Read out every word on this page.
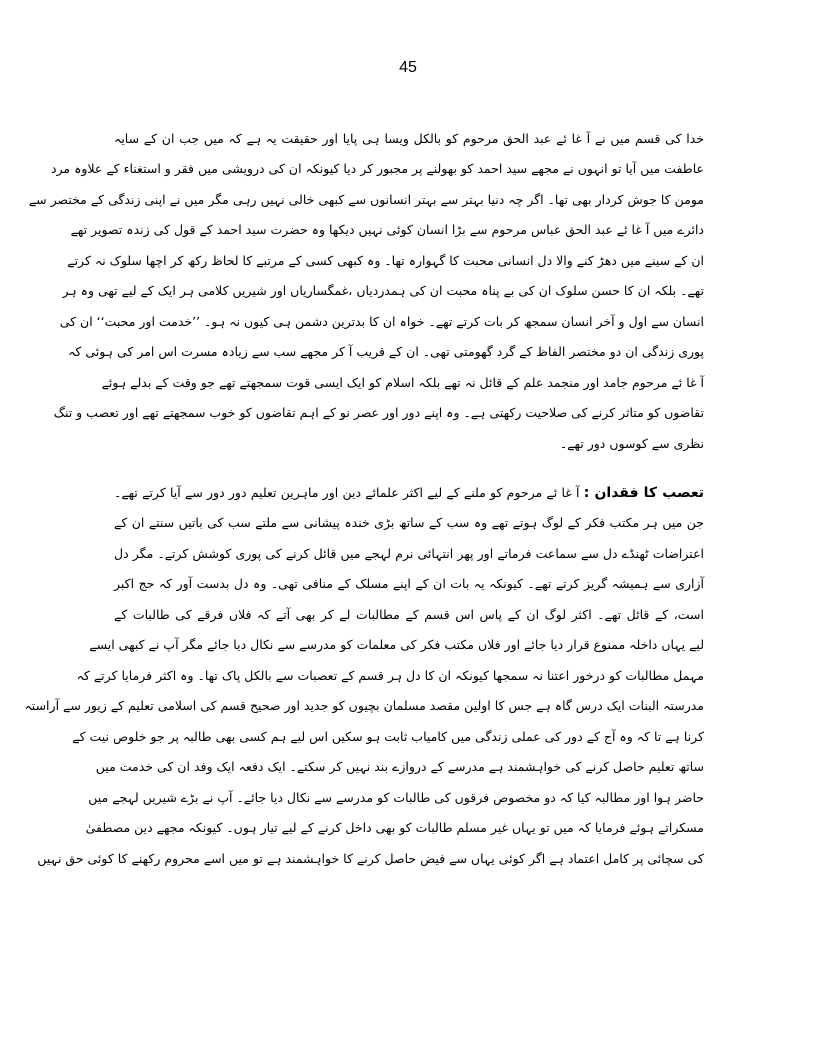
45
خدا کی قسم میں نے آ غا ئے عبد الحق مرحوم کو بالکل ویسا ہی پایا اور حقیقت یہ ہے کہ میں جب ان کے سایہ
عاطفت میں آیا تو انہوں نے مجھے سید احمد کو بھولنے پر مجبور کر دیا کیونکہ ان کی درویشی میں فقر و استغناء کے علاوہ مرد
مومن کا جوش کردار بھی تھا۔ اگر چہ دنیا بہتر سے بہتر انسانوں سے کبھی خالی نہیں رہی مگر میں نے اپنی زندگی کے مختصر سے
دائرے میں آ غا ئے عبد الحق عباس مرحوم سے بڑا انسان کوئی نہیں دیکھا وہ حضرت سید احمد کے قول کی زندہ تصویر تھے
ان کے سینے میں دھڑ کنے والا دل انسانی محبت کا گہوارہ تھا۔ وہ کبھی کسی کے مرتبے کا لحاظ رکھ کر اچھا سلوک نہ کرتے
تھے۔ بلکہ ان کا حسن سلوک ان کی بے پناہ محبت ان کی ہمدردیاں ،غمگساریاں اور شیریں کلامی ہر ایک کے لیے تھی وہ ہر
انسان سے اول و آخر انسان سمجھ کر بات کرتے تھے۔ خواہ ان کا بدترین دشمن ہی کیوں نہ ہو۔ ’’خدمت اور محبت‘‘ ان کی
پوری زندگی ان دو مختصر الفاظ کے گرد گھومتی تھی۔ ان کے قریب آ کر مجھے سب سے زیادہ مسرت اس امر کی ہوئی کہ
آ غا ئے مرحوم جامد اور منجمد علم کے قائل نہ تھے بلکہ اسلام کو ایک ایسی قوت سمجھتے تھے جو وقت کے بدلے ہوئے
تقاضوں کو متاثر کرنے کی صلاحیت رکھتی ہے۔ وہ اپنے دور اور عصر نو کے اہم تقاضوں کو خوب سمجھتے تھے اور تعصب و تنگ
نظری سے کوسوں دور تھے۔
تعصب کا فقدان : آ غا ئے مرحوم کو ملنے کے لیے اکثر علمائے دین اور ماہرین تعلیم دور دور سے آیا کرتے تھے۔
جن میں ہر مکتب فکر کے لوگ ہوتے تھے وہ سب کے ساتھ بڑی خندہ پیشانی سے ملتے سب کی باتیں سنتے ان کے
اعتراضات ٹھنڈے دل سے سماعت فرماتے اور پھر انتہائی نرم لہجے میں قائل کرنے کی پوری کوشش کرتے۔ مگر دل
آزاری سے ہمیشہ گریز کرتے تھے۔ کیونکہ یہ بات ان کے اپنے مسلک کے منافی تھی۔ وہ دل بدست آور کہ حج اکبر
است، کے قائل تھے۔ اکثر لوگ ان کے پاس اس قسم کے مطالبات لے کر بھی آتے کہ فلاں فرقے کی طالبات کے
لیے یہاں داخلہ ممنوع قرار دیا جائے اور فلاں مکتب فکر کی معلمات کو مدرسے سے نکال دیا جائے مگر آپ نے کبھی ایسے
مہمل مطالبات کو درخور اعتنا نہ سمجھا کیونکہ ان کا دل ہر قسم کے تعصبات سے بالکل پاک تھا۔ وہ اکثر فرمایا کرتے کہ
مدرستہ البنات ایک درس گاہ ہے جس کا اولین مقصد مسلمان بچیوں کو جدید اور صحیح قسم کی اسلامی تعلیم کے زیور سے آراستہ
کرنا ہے تا کہ وہ آج کے دور کی عملی زندگی میں کامیاب ثابت ہو سکیں اس لیے ہم کسی بھی طالبہ پر جو خلوص نیت کے
ساتھ تعلیم حاصل کرنے کی خواہشمند ہے مدرسے کے دروازے بند نہیں کر سکتے۔ ایک دفعہ ایک وفد ان کی خدمت میں
حاضر ہوا اور مطالبہ کیا کہ دو مخصوص فرقوں کی طالبات کو مدرسے سے نکال دیا جائے۔ آپ نے بڑے شیریں لہجے میں
مسکراتے ہوئے فرمایا کہ میں تو یہاں غیر مسلم طالبات کو بھی داخل کرنے کے لیے تیار ہوں۔ کیونکہ مجھے دین مصطفیٰ
کی سچائی پر کامل اعتماد ہے اگر کوئی یہاں سے فیض حاصل کرنے کا خواہشمند ہے تو میں اسے محروم رکھنے کا کوئی حق نہیں
